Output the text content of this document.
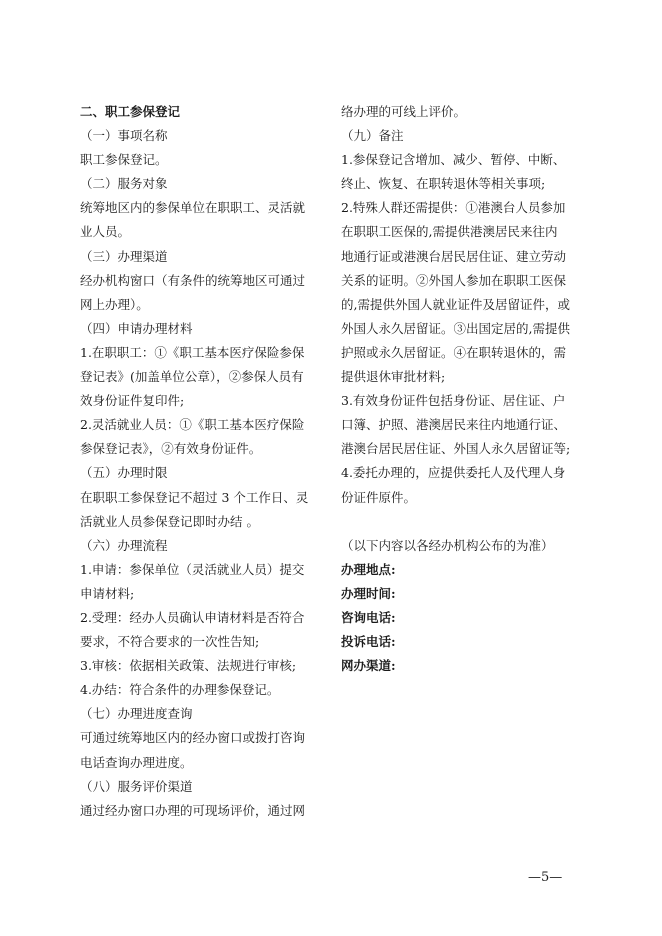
二、职工参保登记
（一）事项名称
职工参保登记。
（二）服务对象
统筹地区内的参保单位在职职工、灵活就
业人员。
（三）办理渠道
经办机构窗口（有条件的统筹地区可通过
网上办理）。
（四）申请办理材料
1.在职职工：①《职工基本医疗保险参保
登记表》(加盖单位公章），②参保人员有
效身份证件复印件;
2.灵活就业人员：①《职工基本医疗保险
参保登记表》，②有效身份证件。
（五）办理时限
在职职工参保登记不超过 3 个工作日、灵
活就业人员参保登记即时办结 。
（六）办理流程
1.申请：参保单位（灵活就业人员）提交
申请材料;
2.受理：经办人员确认申请材料是否符合
要求，不符合要求的一次性告知;
3.审核：依据相关政策、法规进行审核;
4.办结：符合条件的办理参保登记。
（七）办理进度查询
可通过统筹地区内的经办窗口或拨打咨询
电话查询办理进度。
（八）服务评价渠道
通过经办窗口办理的可现场评价，通过网
络办理的可线上评价。
（九）备注
1.参保登记含增加、减少、暂停、中断、
终止、恢复、在职转退休等相关事项;
2.特殊人群还需提供：①港澳台人员参加
在职职工医保的,需提供港澳居民来往内
地通行证或港澳台居民居住证、建立劳动
关系的证明。②外国人参加在职职工医保
的,需提供外国人就业证件及居留证件，或
外国人永久居留证。③出国定居的,需提供
护照或永久居留证。④在职转退休的，需
提供退休审批材料;
3.有效身份证件包括身份证、居住证、户
口簿、护照、港澳居民来往内地通行证、
港澳台居民居住证、外国人永久居留证等;
4.委托办理的，应提供委托人及代理人身
份证件原件。
（以下内容以各经办机构公布的为准）
办理地点:
办理时间:
咨询电话:
投诉电话:
网办渠道:
—5—
